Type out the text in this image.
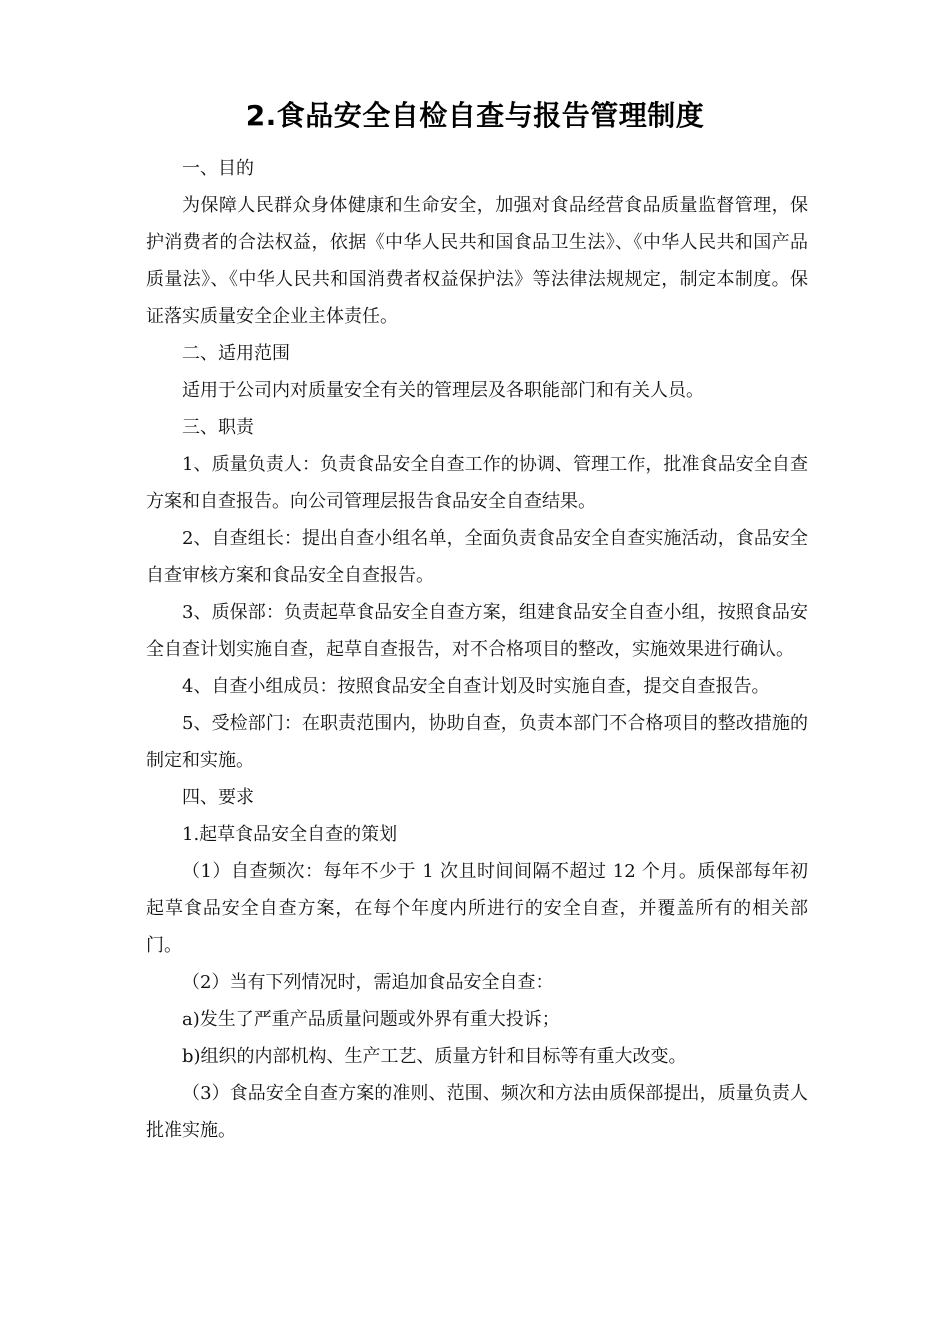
2.食品安全自检自查与报告管理制度

一、目的

为保障人民群众身体健康和生命安全，加强对食品经营食品质量监督管理，保护消费者的合法权益，依据《中华人民共和国食品卫生法》、《中华人民共和国产品质量法》、《中华人民共和国消费者权益保护法》等法律法规规定，制定本制度。保证落实质量安全企业主体责任。

二、适用范围

适用于公司内对质量安全有关的管理层及各职能部门和有关人员。

三、职责

1、质量负责人：负责食品安全自查工作的协调、管理工作，批准食品安全自查方案和自查报告。向公司管理层报告食品安全自查结果。

2、自查组长：提出自查小组名单，全面负责食品安全自查实施活动，食品安全自查审核方案和食品安全自查报告。

3、质保部：负责起草食品安全自查方案，组建食品安全自查小组，按照食品安全自查计划实施自查，起草自查报告，对不合格项目的整改，实施效果进行确认。

4、自查小组成员：按照食品安全自查计划及时实施自查，提交自查报告。

5、受检部门：在职责范围内，协助自查，负责本部门不合格项目的整改措施的制定和实施。

四、要求

1.起草食品安全自查的策划

（1）自查频次：每年不少于 1 次且时间间隔不超过 12 个月。质保部每年初起草食品安全自查方案，在每个年度内所进行的安全自查，并覆盖所有的相关部门。

（2）当有下列情况时，需追加食品安全自查：

a)发生了严重产品质量问题或外界有重大投诉；

b)组织的内部机构、生产工艺、质量方针和目标等有重大改变。

（3）食品安全自查方案的准则、范围、频次和方法由质保部提出，质量负责人批准实施。
